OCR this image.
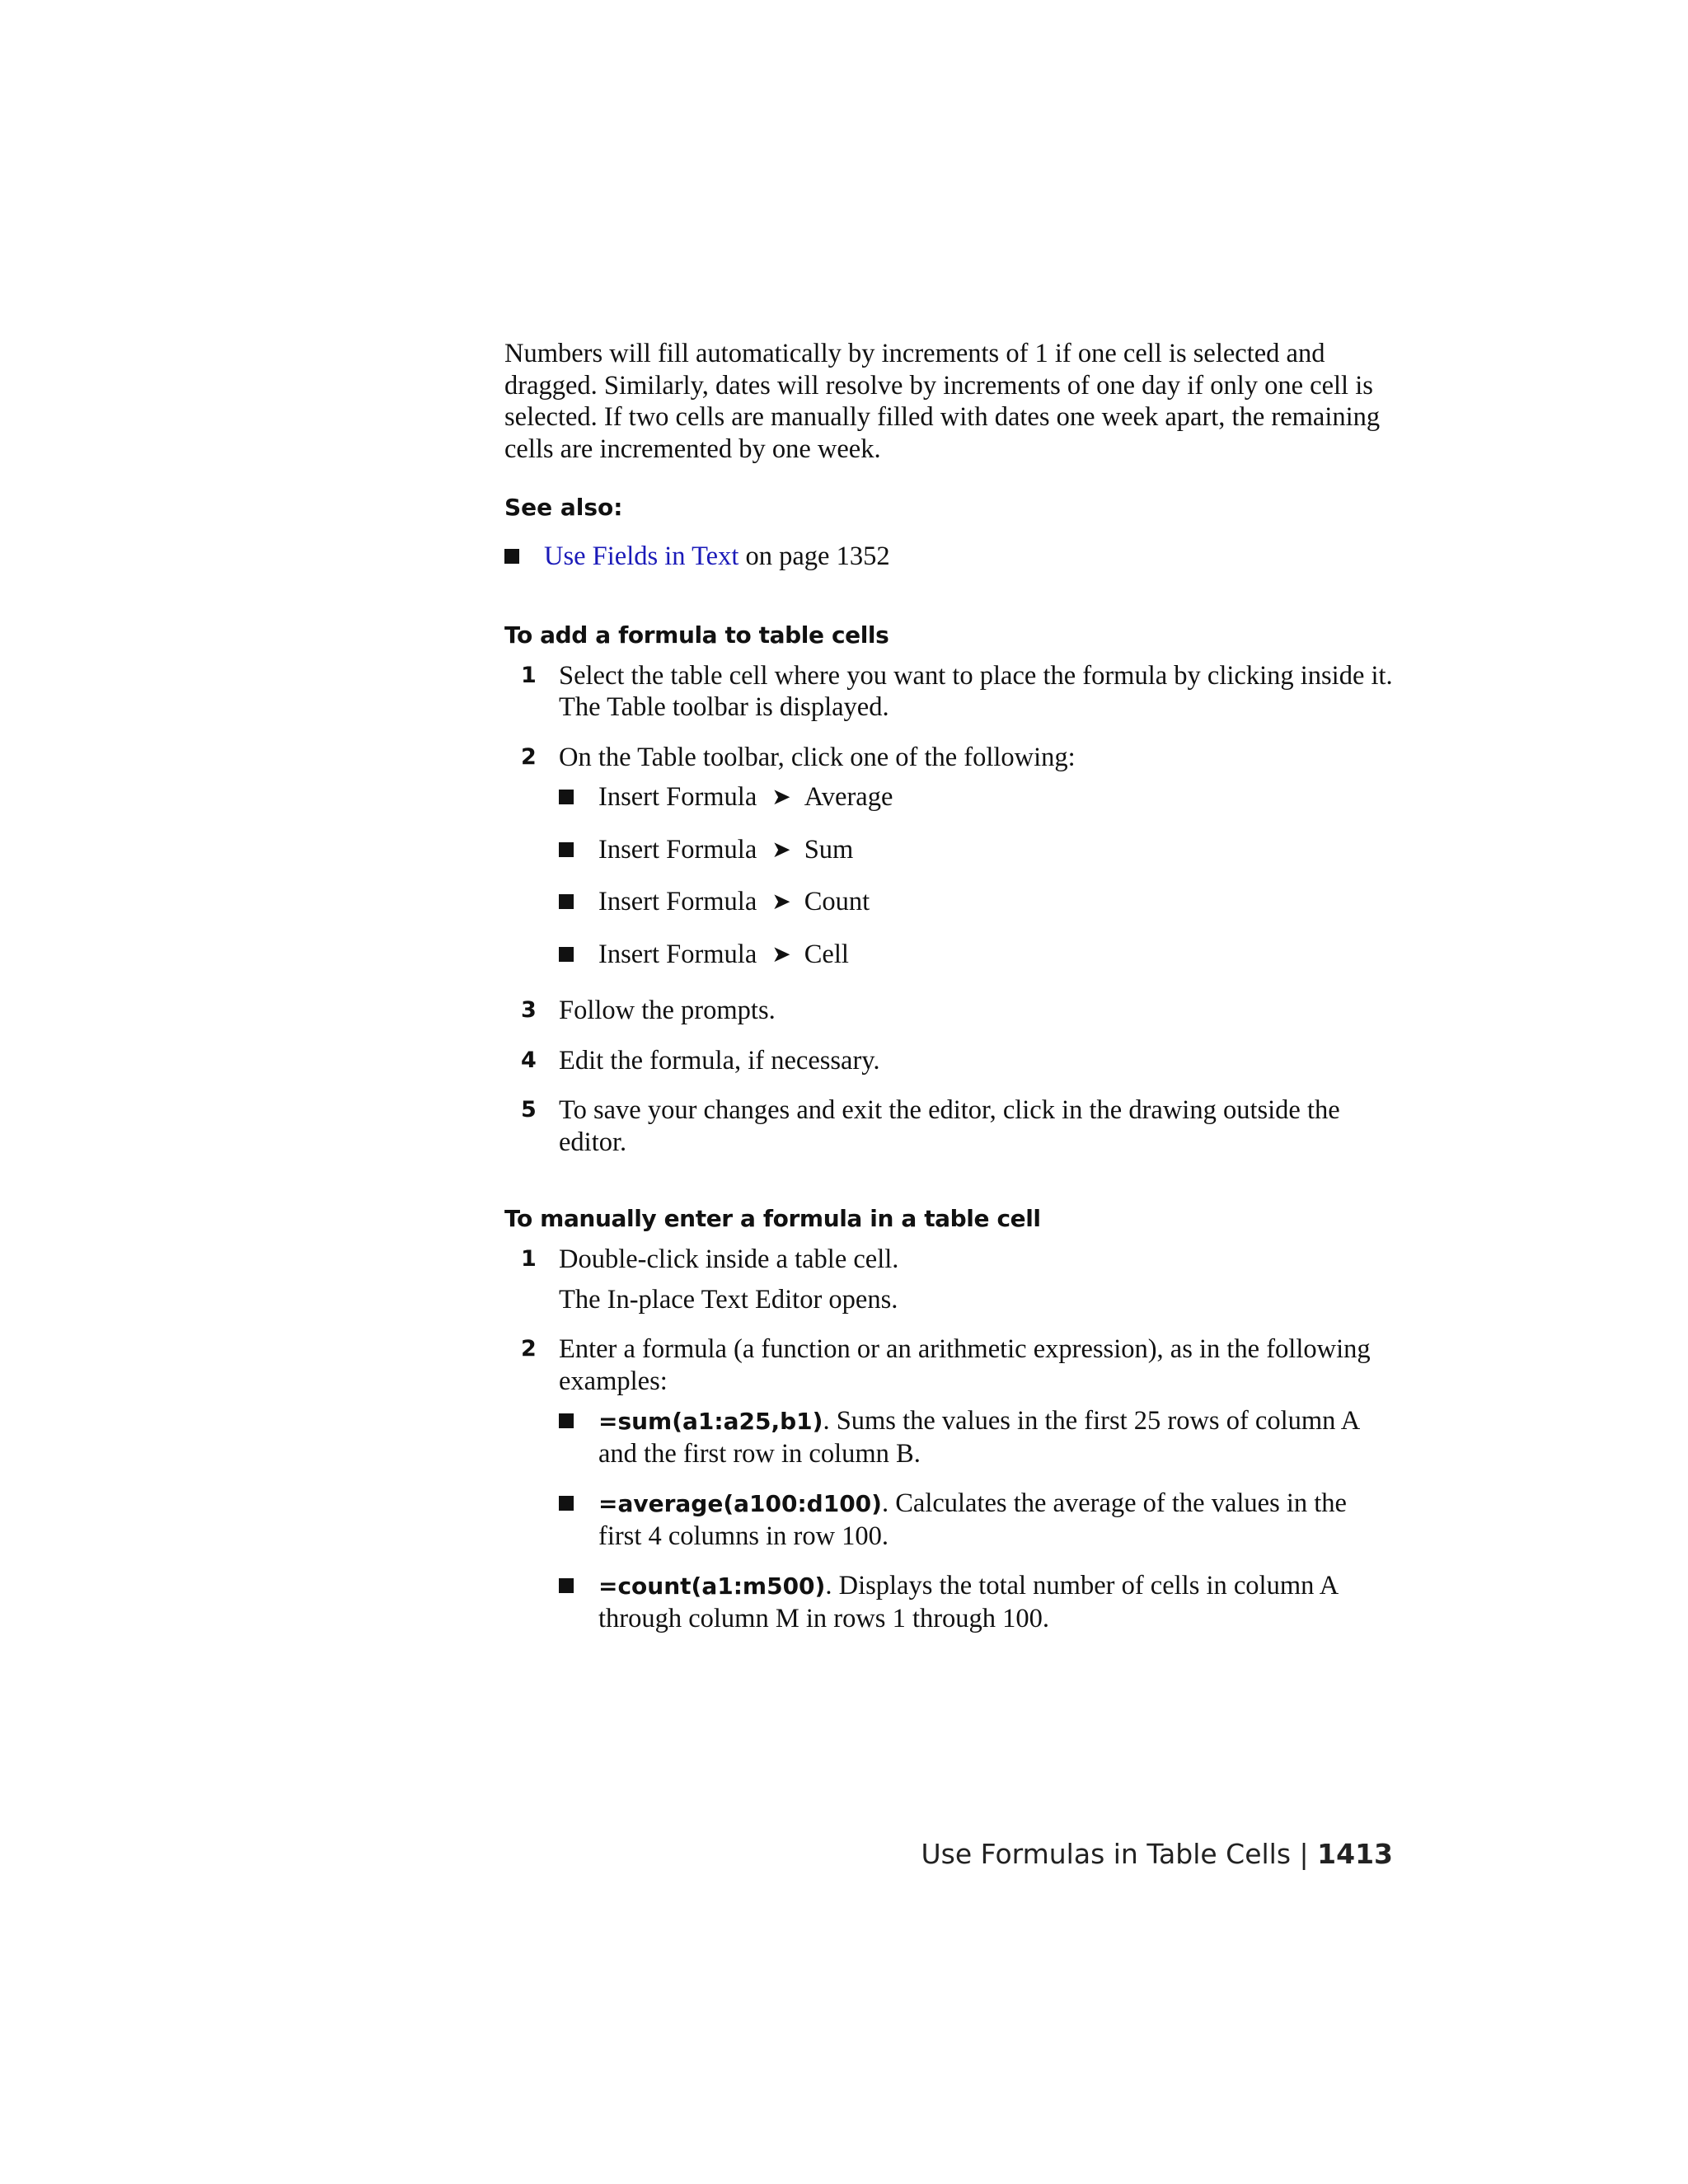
Numbers will fill automatically by increments of 1 if one cell is selected and dragged. Similarly, dates will resolve by increments of one day if only one cell is selected. If two cells are manually filled with dates one week apart, the remaining cells are incremented by one week.

See also:
Use Fields in Text on page 1352
To add a formula to table cells
1 Select the table cell where you want to place the formula by clicking inside it. The Table toolbar is displayed.

2 On the Table toolbar, click one of the following:

Insert Formula ➤ Average
Insert Formula ➤ Sum
Insert Formula ➤ Count
Insert Formula ➤ Cell
3 Follow the prompts.

4 Edit the formula, if necessary.

5 To save your changes and exit the editor, click in the drawing outside the editor.

To manually enter a formula in a table cell
1 Double-click inside a table cell.

The In-place Text Editor opens.

2 Enter a formula (a function or an arithmetic expression), as in the following examples:

=sum(a1:a25,b1). Sums the values in the first 25 rows of column A and the first row in column B.

=average(a100:d100). Calculates the average of the values in the first 4 columns in row 100.

=count(a1:m500). Displays the total number of cells in column A through column M in rows 1 through 100.

Use Formulas in Table Cells | 1413
